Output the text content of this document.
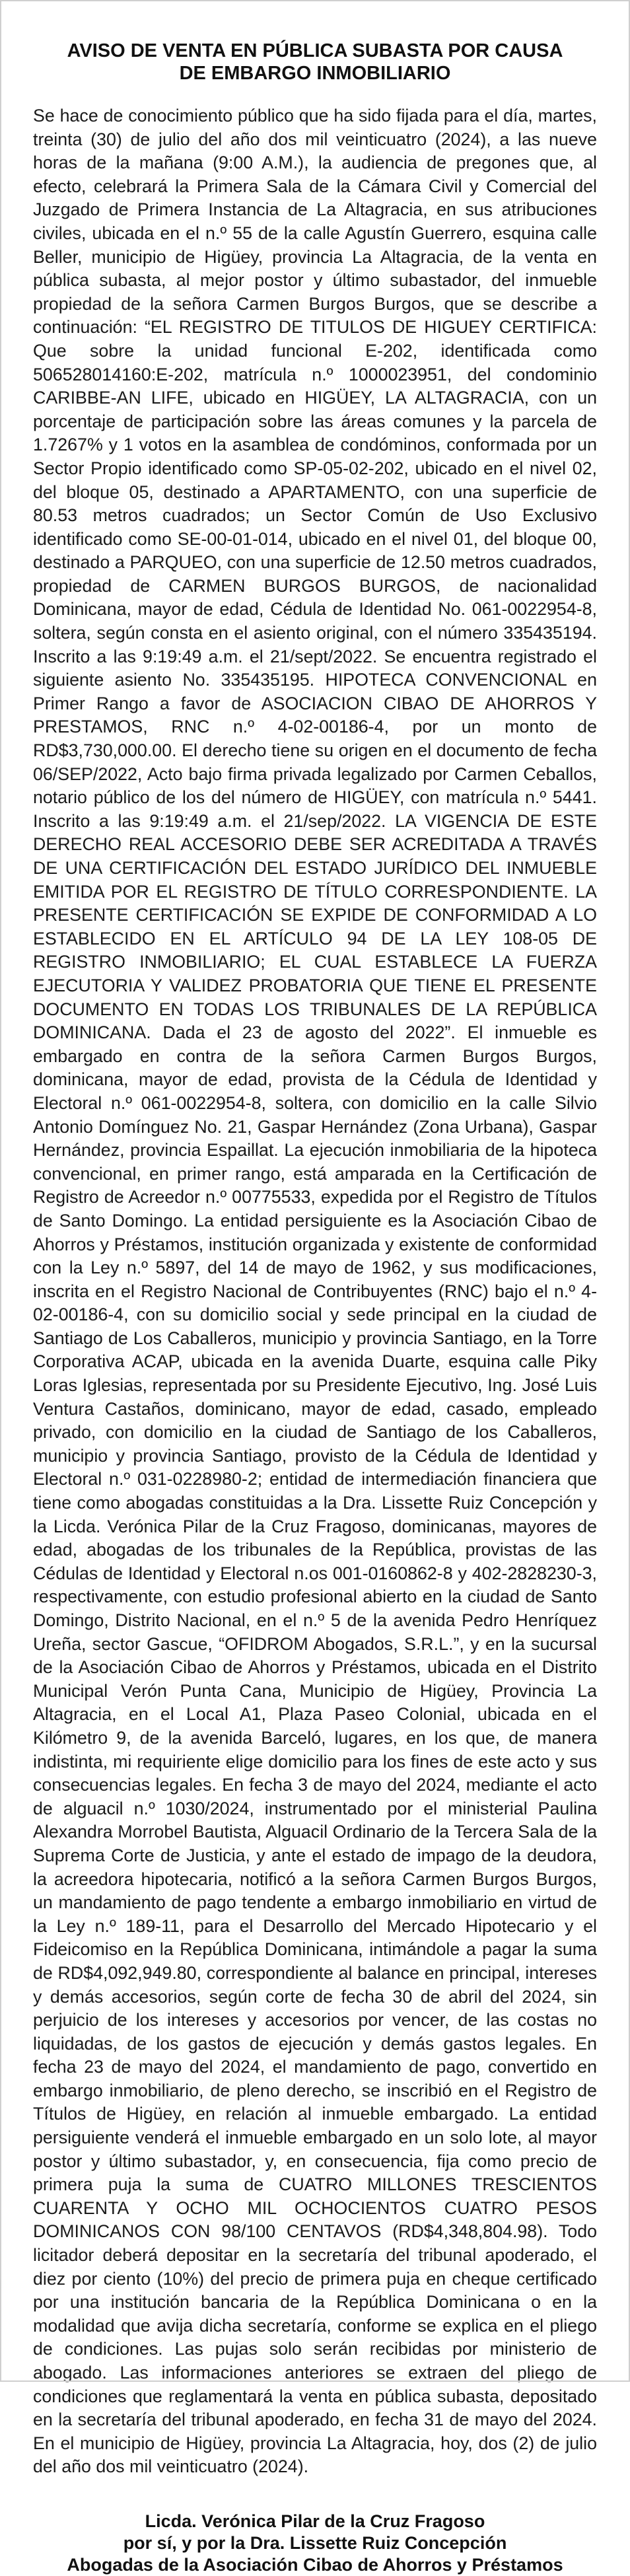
AVISO DE VENTA EN PÚBLICA SUBASTA POR CAUSA
DE EMBARGO INMOBILIARIO

Se hace de conocimiento público que ha sido fijada para el día, martes, treinta (30) de julio del año dos mil veinticuatro (2024), a las nueve horas de la mañana (9:00 A.M.), la audiencia de pregones que, al efecto, celebrará la Primera Sala de la Cámara Civil y Comercial del Juzgado de Primera Instancia de La Altagracia, en sus atribuciones civiles, ubicada en el n.º 55 de la calle Agustín Guerrero, esquina calle Beller, municipio de Higüey, provincia La Altagracia, de la venta en pública subasta, al mejor postor y último subastador, del inmueble propiedad de la señora Carmen Burgos Burgos, que se describe a continuación: “EL REGISTRO DE TITULOS DE HIGUEY CERTIFICA: Que sobre la unidad funcional E-202, identificada como 506528014160:E-202, matrícula n.º 1000023951, del condominio CARIBBE-AN LIFE, ubicado en HIGÜEY, LA ALTAGRACIA, con un porcentaje de participación sobre las áreas comunes y la parcela de 1.7267% y 1 votos en la asamblea de condóminos, conformada por un Sector Propio identificado como SP-05-02-202, ubicado en el nivel 02, del bloque 05, destinado a APARTAMENTO, con una superficie de 80.53 metros cuadrados; un Sector Común de Uso Exclusivo identificado como SE-00-01-014, ubicado en el nivel 01, del bloque 00, destinado a PARQUEO, con una superficie de 12.50 metros cuadrados, propiedad de CARMEN BURGOS BURGOS, de nacionalidad Dominicana, mayor de edad, Cédula de Identidad No. 061-0022954-8, soltera, según consta en el asiento original, con el número 335435194. Inscrito a las 9:19:49 a.m. el 21/sept/2022. Se encuentra registrado el siguiente asiento No. 335435195. HIPOTECA CONVENCIONAL en Primer Rango a favor de ASOCIACION CIBAO DE AHORROS Y PRESTAMOS, RNC n.º 4-02-00186-4, por un monto de RD$3,730,000.00. El derecho tiene su origen en el documento de fecha 06/SEP/2022, Acto bajo firma privada legalizado por Carmen Ceballos, notario público de los del número de HIGÜEY, con matrícula n.º 5441. Inscrito a las 9:19:49 a.m. el 21/sep/2022. LA VIGENCIA DE ESTE DERECHO REAL ACCESORIO DEBE SER ACREDITADA A TRAVÉS DE UNA CERTIFICACIÓN DEL ESTADO JURÍDICO DEL INMUEBLE EMITIDA POR EL REGISTRO DE TÍTULO CORRESPONDIENTE. LA PRESENTE CERTIFICACIÓN SE EXPIDE DE CONFORMIDAD A LO ESTABLECIDO EN EL ARTÍCULO 94 DE LA LEY 108-05 DE REGISTRO INMOBILIARIO; EL CUAL ESTABLECE LA FUERZA EJECUTORIA Y VALIDEZ PROBATORIA QUE TIENE EL PRESENTE DOCUMENTO EN TODAS LOS TRIBUNALES DE LA REPÚBLICA DOMINICANA. Dada el 23 de agosto del 2022”. El inmueble es embargado en contra de la señora Carmen Burgos Burgos, dominicana, mayor de edad, provista de la Cédula de Identidad y Electoral n.º 061-0022954-8, soltera, con domicilio en la calle Silvio Antonio Domínguez No. 21, Gaspar Hernández (Zona Urbana), Gaspar Hernández, provincia Espaillat. La ejecución inmobiliaria de la hipoteca convencional, en primer rango, está amparada en la Certificación de Registro de Acreedor n.º 00775533, expedida por el Registro de Títulos de Santo Domingo. La entidad persiguiente es la Asociación Cibao de Ahorros y Préstamos, institución organizada y existente de conformidad con la Ley n.º 5897, del 14 de mayo de 1962, y sus modificaciones, inscrita en el Registro Nacional de Contribuyentes (RNC) bajo el n.º 4-02-00186-4, con su domicilio social y sede principal en la ciudad de Santiago de Los Caballeros, municipio y provincia Santiago, en la Torre Corporativa ACAP, ubicada en la avenida Duarte, esquina calle Piky Loras Iglesias, representada por su Presidente Ejecutivo, Ing. José Luis Ventura Castaños, dominicano, mayor de edad, casado, empleado privado, con domicilio en la ciudad de Santiago de los Caballeros, municipio y provincia Santiago, provisto de la Cédula de Identidad y Electoral n.º 031-0228980-2; entidad de intermediación financiera que tiene como abogadas constituidas a la Dra. Lissette Ruiz Concepción y la Licda. Verónica Pilar de la Cruz Fragoso, dominicanas, mayores de edad, abogadas de los tribunales de la República, provistas de las Cédulas de Identidad y Electoral n.os 001-0160862-8 y 402-2828230-3, respectivamente, con estudio profesional abierto en la ciudad de Santo Domingo, Distrito Nacional, en el n.º 5 de la avenida Pedro Henríquez Ureña, sector Gascue, “OFIDROM Abogados, S.R.L.”, y en la sucursal de la Asociación Cibao de Ahorros y Préstamos, ubicada en el Distrito Municipal Verón Punta Cana, Municipio de Higüey, Provincia La Altagracia, en el Local A1, Plaza Paseo Colonial, ubicada en el Kilómetro 9, de la avenida Barceló, lugares, en los que, de manera indistinta, mi requiriente elige domicilio para los fines de este acto y sus consecuencias legales. En fecha 3 de mayo del 2024, mediante el acto de alguacil n.º 1030/2024, instrumentado por el ministerial Paulina Alexandra Morrobel Bautista, Alguacil Ordinario de la Tercera Sala de la Suprema Corte de Justicia, y ante el estado de impago de la deudora, la acreedora hipotecaria, notificó a la señora Carmen Burgos Burgos, un mandamiento de pago tendente a embargo inmobiliario en virtud de la Ley n.º 189-11, para el Desarrollo del Mercado Hipotecario y el Fideicomiso en la República Dominicana, intimándole a pagar la suma de RD$4,092,949.80, correspondiente al balance en principal, intereses y demás accesorios, según corte de fecha 30 de abril del 2024, sin perjuicio de los intereses y accesorios por vencer, de las costas no liquidadas, de los gastos de ejecución y demás gastos legales. En fecha 23 de mayo del 2024, el mandamiento de pago, convertido en embargo inmobiliario, de pleno derecho, se inscribió en el Registro de Títulos de Higüey, en relación al inmueble embargado. La entidad persiguiente venderá el inmueble embargado en un solo lote, al mayor postor y último subastador, y, en consecuencia, fija como precio de primera puja la suma de CUATRO MILLONES TRESCIENTOS CUARENTA Y OCHO MIL OCHOCIENTOS CUATRO PESOS DOMINICANOS CON 98/100 CENTAVOS (RD$4,348,804.98). Todo licitador deberá depositar en la secretaría del tribunal apoderado, el diez por ciento (10%) del precio de primera puja en cheque certificado por una institución bancaria de la República Dominicana o en la modalidad que avija dicha secretaría, conforme se explica en el pliego de condiciones. Las pujas solo serán recibidas por ministerio de abogado. Las informaciones anteriores se extraen del pliego de condiciones que reglamentará la venta en pública subasta, depositado en la secretaría del tribunal apoderado, en fecha 31 de mayo del 2024. En el municipio de Higüey, provincia La Altagracia, hoy, dos (2) de julio del año dos mil veinticuatro (2024).

Licda. Verónica Pilar de la Cruz Fragoso
por sí, y por la Dra. Lissette Ruiz Concepción
Abogadas de la Asociación Cibao de Ahorros y Préstamos
